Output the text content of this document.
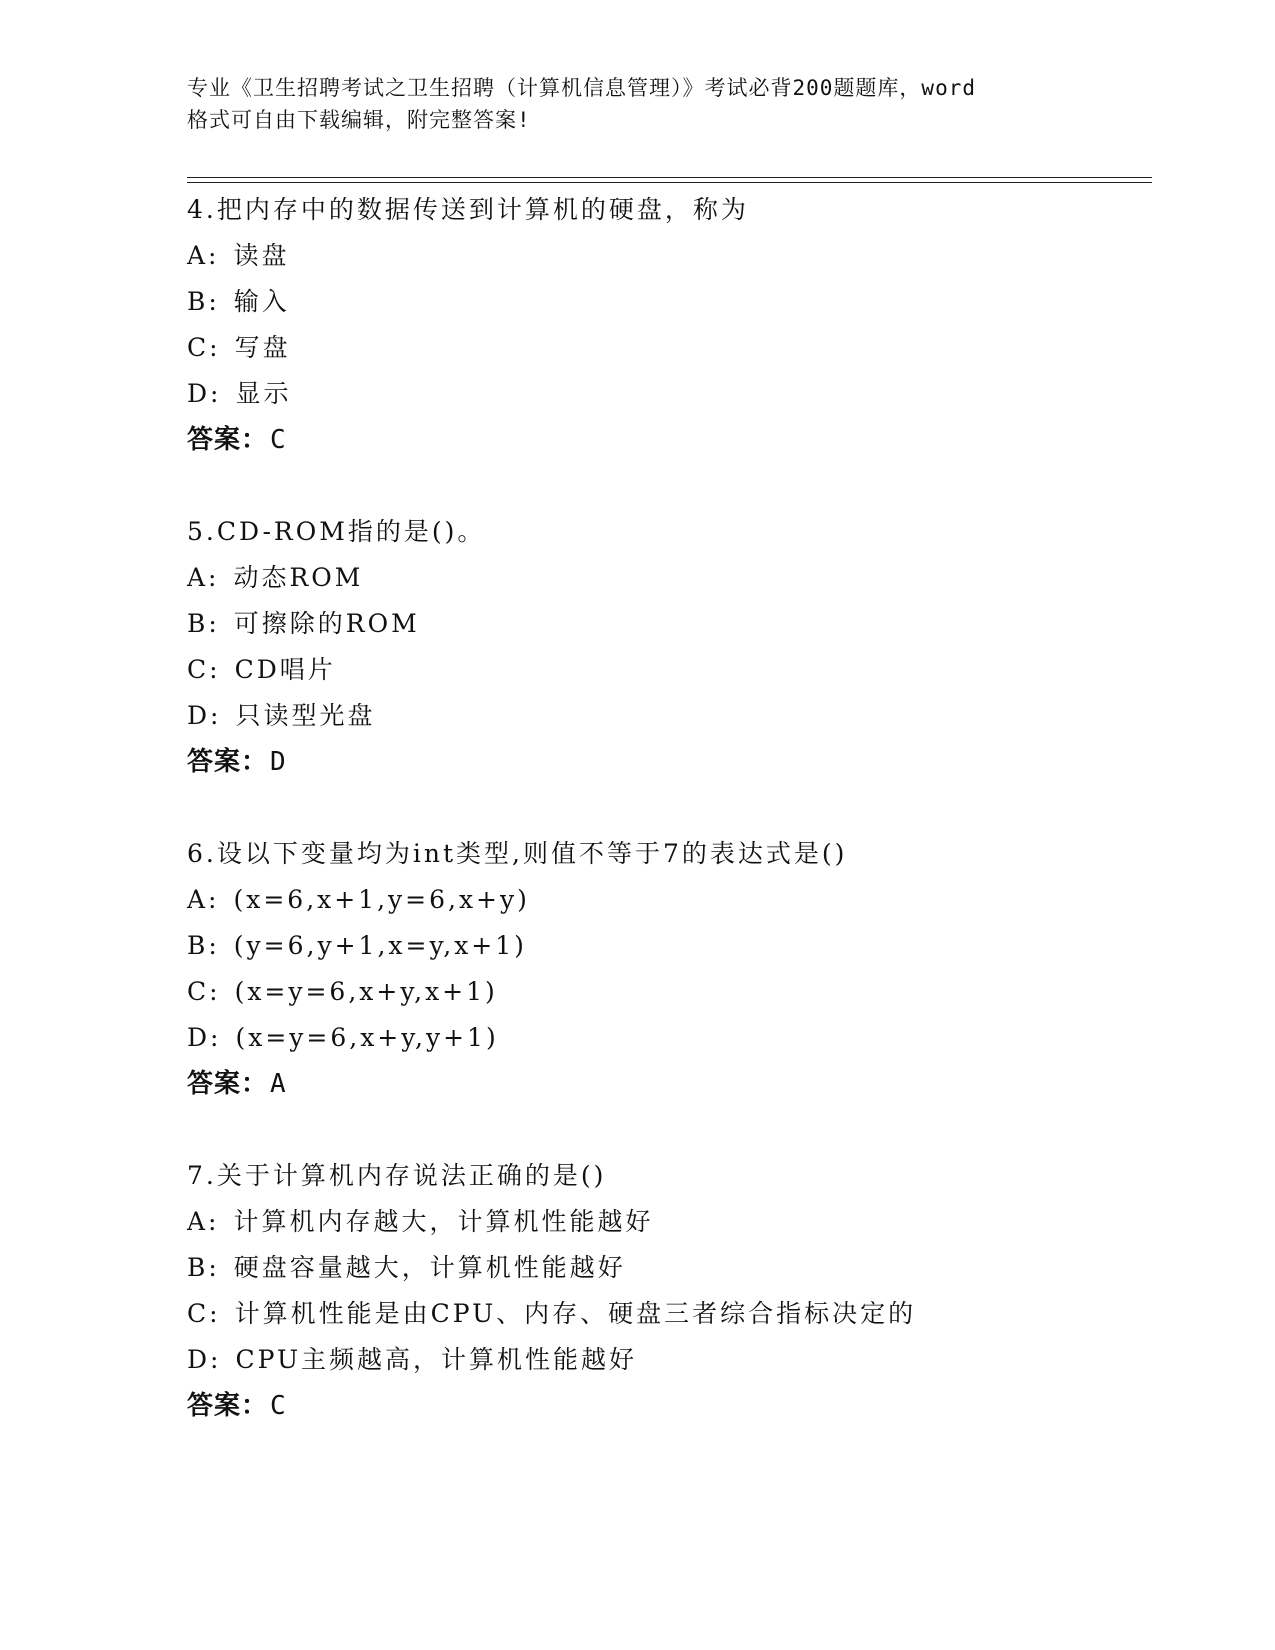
专业《卫生招聘考试之卫生招聘（计算机信息管理）》考试必背200题题库，word
格式可自由下载编辑，附完整答案!
4.把内存中的数据传送到计算机的硬盘，称为
A: 读盘
B: 输入
C: 写盘
D: 显示
答案：C
5.CD-ROM指的是()。
A: 动态ROM
B: 可擦除的ROM
C: CD唱片
D: 只读型光盘
答案：D
6.设以下变量均为int类型,则值不等于7的表达式是()
A: (x=6,x+1,y=6,x+y)
B: (y=6,y+1,x=y,x+1)
C: (x=y=6,x+y,x+1)
D: (x=y=6,x+y,y+1)
答案：A
7.关于计算机内存说法正确的是()
A: 计算机内存越大，计算机性能越好
B: 硬盘容量越大，计算机性能越好
C: 计算机性能是由CPU、内存、硬盘三者综合指标决定的
D: CPU主频越高，计算机性能越好
答案：C
